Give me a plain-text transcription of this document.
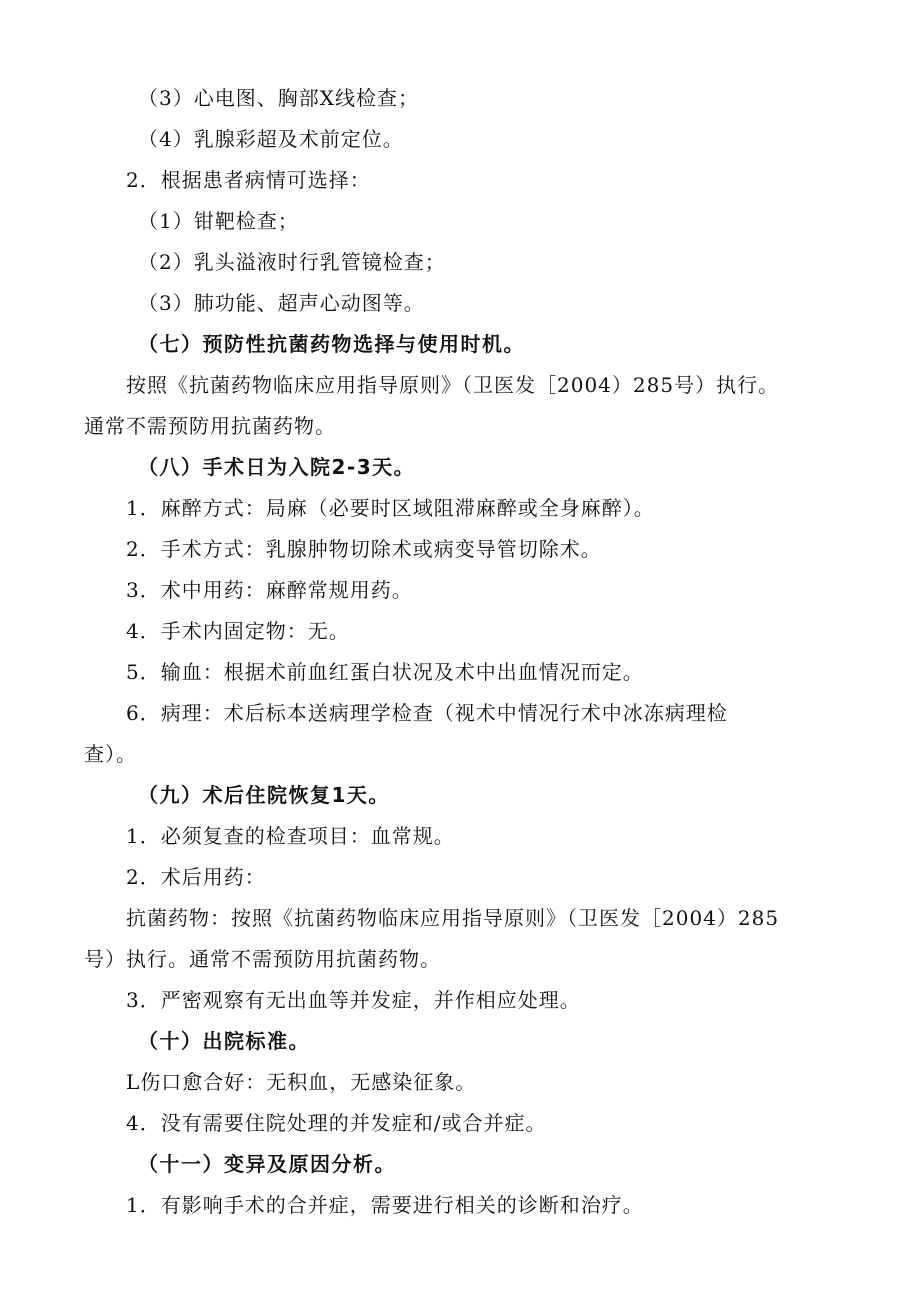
（3）心电图、胸部X线检查；
（4）乳腺彩超及术前定位。
2．根据患者病情可选择：
（1）钳靶检查；
（2）乳头溢液时行乳管镜检查；
（3）肺功能、超声心动图等。
（七）预防性抗菌药物选择与使用时机。
按照《抗菌药物临床应用指导原则》（卫医发［2004）285号）执行。
通常不需预防用抗菌药物。
（八）手术日为入院2-3天。
1．麻醉方式：局麻（必要时区域阻滞麻醉或全身麻醉）。
2．手术方式：乳腺肿物切除术或病变导管切除术。
3．术中用药：麻醉常规用药。
4．手术内固定物：无。
5．输血：根据术前血红蛋白状况及术中出血情况而定。
6．病理：术后标本送病理学检查（视术中情况行术中冰冻病理检
查）。
（九）术后住院恢复1天。
1．必须复查的检查项目：血常规。
2．术后用药：
抗菌药物：按照《抗菌药物临床应用指导原则》（卫医发［2004）285
号）执行。通常不需预防用抗菌药物。
3．严密观察有无出血等并发症，并作相应处理。
（十）出院标准。
L伤口愈合好：无积血，无感染征象。
4．没有需要住院处理的并发症和/或合并症。
（十一）变异及原因分析。
1．有影响手术的合并症，需要进行相关的诊断和治疗。
